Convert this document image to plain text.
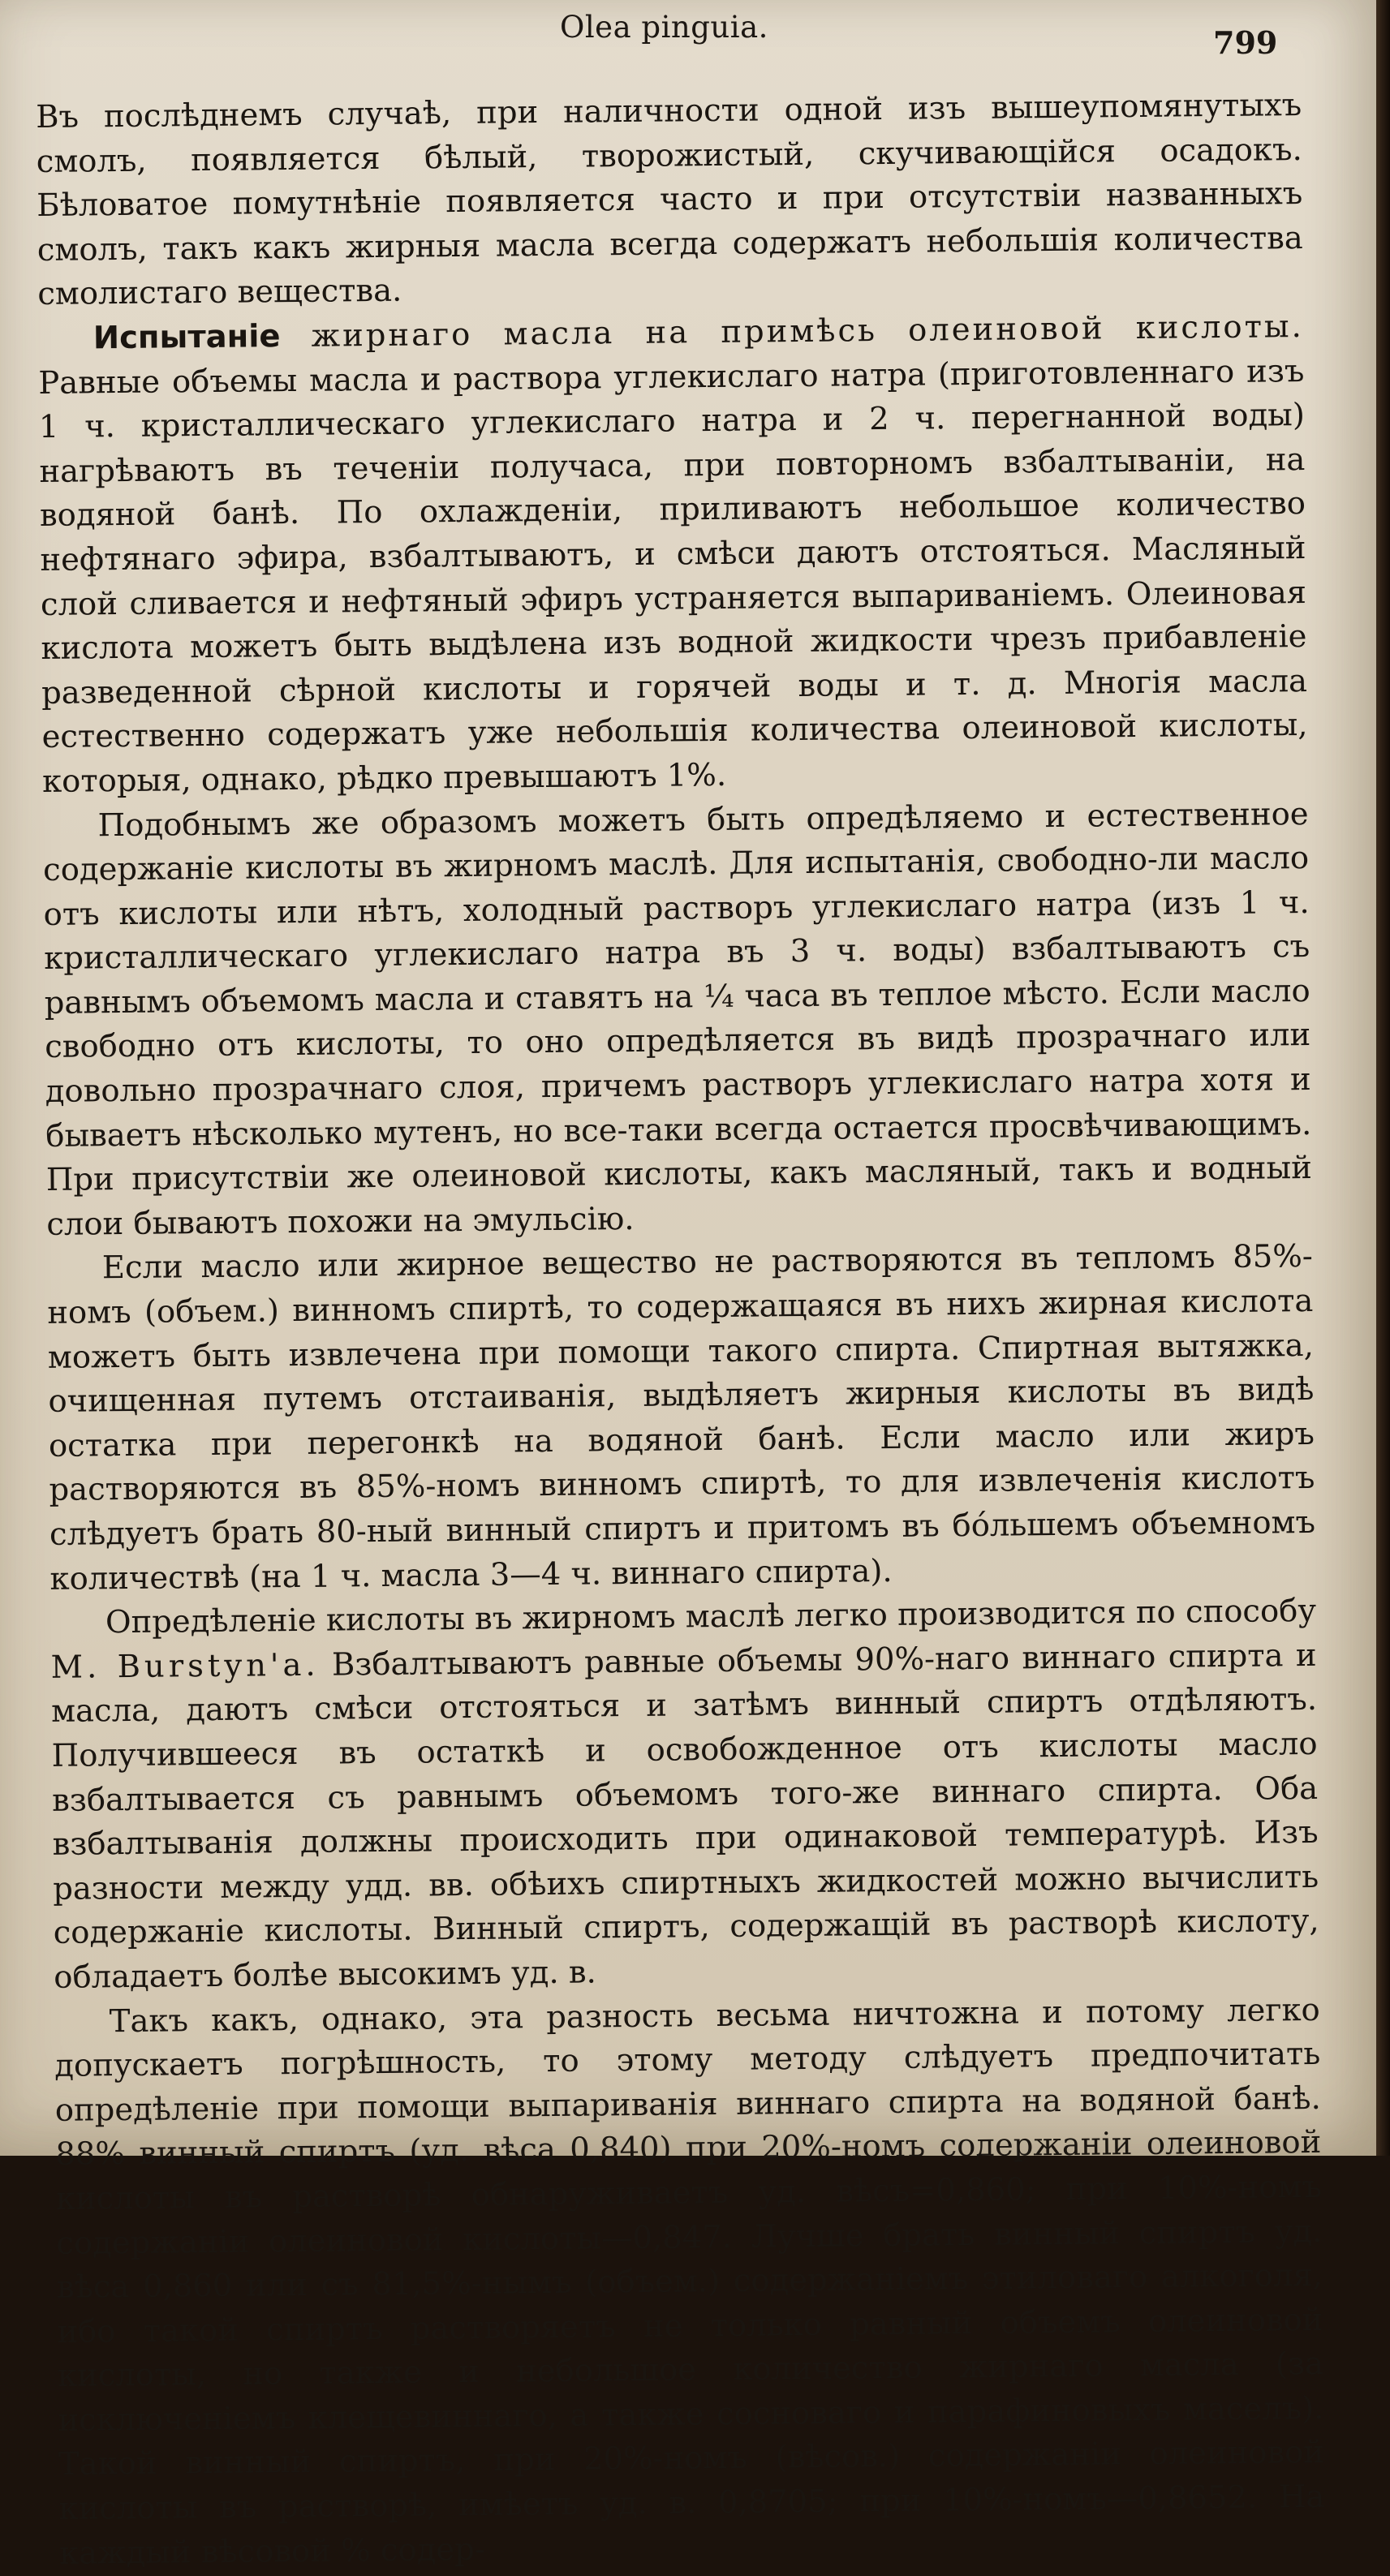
Olea pinguia.	799

Въ послѣднемъ случаѣ, при наличности одной изъ вышеупомянутыхъ смолъ, появляется бѣлый, творожистый, скучивающійся осадокъ. Бѣловатое помутнѣніе появляется часто и при отсутствіи названныхъ смолъ, такъ какъ жирныя масла всегда содержатъ небольшія количества смолистаго вещества.

Испытаніе жирнаго масла на примѣсь олеиновой кислоты. Равные объемы масла и раствора углекислаго натра (приготовленнаго изъ 1 ч. кристаллическаго углекислаго натра и 2 ч. перегнанной воды) нагрѣваютъ въ теченіи получаса, при повторномъ взбалтываніи, на водяной банѣ. По охлажденіи, приливаютъ небольшое количество нефтянаго эфира, взбалтываютъ, и смѣси даютъ отстояться. Масляный слой сливается и нефтяный эфиръ устраняется выпариваніемъ. Олеиновая кислота можетъ быть выдѣлена изъ водной жидкости чрезъ прибавленіе разведенной сѣрной кислоты и горячей воды и т. д. Многія масла естественно содержатъ уже небольшія количества олеиновой кислоты, которыя, однако, рѣдко превышаютъ 1%.

Подобнымъ же образомъ можетъ быть опредѣляемо и естественное содержаніе кислоты въ жирномъ маслѣ. Для испытанія, свободно-ли масло отъ кислоты или нѣтъ, холодный растворъ углекислаго натра (изъ 1 ч. кристаллическаго углекислаго натра въ 3 ч. воды) взбалтываютъ съ равнымъ объемомъ масла и ставятъ на ¼ часа въ теплое мѣсто. Если масло свободно отъ кислоты, то оно опредѣляется въ видѣ прозрачнаго или довольно прозрачнаго слоя, причемъ растворъ углекислаго натра хотя и бываетъ нѣсколько мутенъ, но все-таки всегда остается просвѣчивающимъ. При присутствіи же олеиновой кислоты, какъ масляный, такъ и водный слои бываютъ похожи на эмульсію.

Если масло или жирное вещество не растворяются въ тепломъ 85%-номъ (объем.) винномъ спиртѣ, то содержащаяся въ нихъ жирная кислота можетъ быть извлечена при помощи такого спирта. Спиртная вытяжка, очищенная путемъ отстаиванія, выдѣляетъ жирныя кислоты въ видѣ остатка при перегонкѣ на водяной банѣ. Если масло или жиръ растворяются въ 85%-номъ винномъ спиртѣ, то для извлеченія кислотъ слѣдуетъ брать 80-ный винный спиртъ и притомъ въ бóльшемъ объемномъ количествѣ (на 1 ч. масла 3—4 ч. виннаго спирта).

Опредѣленіе кислоты въ жирномъ маслѣ легко производится по способу M. Burstyn'a. Взбалтываютъ равные объемы 90%-наго виннаго спирта и масла, даютъ смѣси отстояться и затѣмъ винный спиртъ отдѣляютъ. Получившееся въ остаткѣ и освобожденное отъ кислоты масло взбалтывается съ равнымъ объемомъ того-же виннаго спирта. Оба взбалтыванія должны происходить при одинаковой температурѣ. Изъ разности между удд. вв. обѣихъ спиртныхъ жидкостей можно вычислить содержаніе кислоты. Винный спиртъ, содержащій въ растворѣ кислоту, обладаетъ болѣе высокимъ уд. в.

Такъ какъ, однако, эта разность весьма ничтожна и потому легко допускаетъ погрѣшность, то этому методу слѣдуетъ предпочитать опредѣленіе при помощи выпариванія виннаго спирта на водяной банѣ. 88% винный спиртъ (уд. вѣса 0,840) при 20%-номъ содержаніи олеиновой кислоты въ растворѣ обнаруживаетъ уд. вѣсъ=0,860; при 10%-номъ содержаніи олеиновой кислоты—0,847. Лучше брать винный спиртъ уд. вѣса 0,860 или съ 81,5%-нымъ (объем.) содержаніемъ этиловаго алкоголя, ибо такой спиртъ растворяетъ не только равный объемъ олеиновой кислоты, но также и небольшое количество жирнаго масла (за исключеніемъ клещевиннаго, а также сосноваго и парафиновыхъ маселъ). Такой винный спиртъ, при 20%-номъ (вѣсов.) содержаніи олеиновой кислоты въ растворѣ, имѣетъ уд. в. 0,8705; при 10%-номъ—0,8652. На каждый вѣсовой % содер-
